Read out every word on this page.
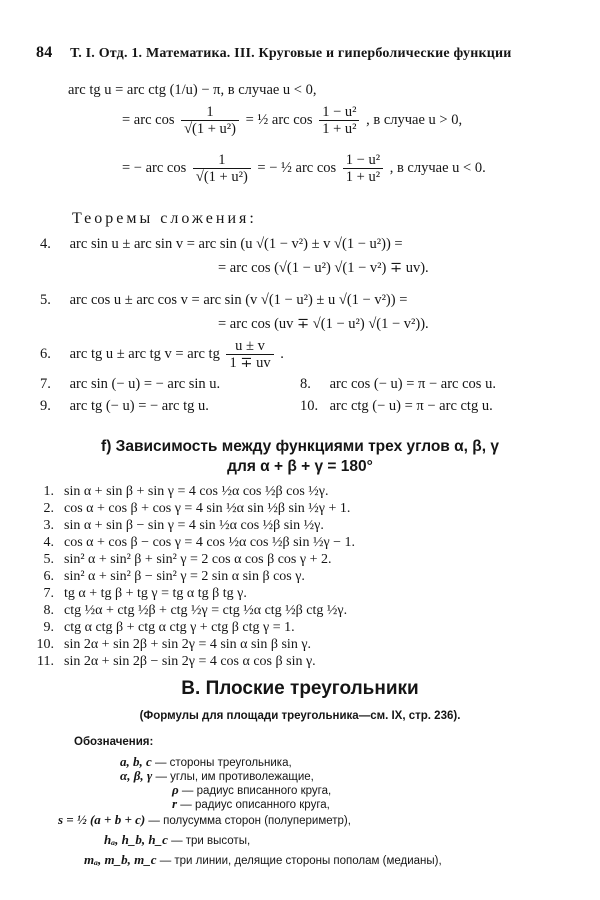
84 Т. I. Отд. 1. Математика. III. Круговые и гиперболические функции
arc tg u = arc ctg (1/u) − π, в случае u < 0,
= arc $\cos \frac{1}{\text{√(1 + u²)}}$ = ½ arc $\cos \frac{\text{1 − u²}}{\text{1 + u²}}$ , в случае u > 0,
= − arc $\cos \frac{1}{\text{√(1 + u²)}}$ = − ½ arc $\cos \frac{\text{1 − u²}}{\text{1 + u²}}$ , в случае u < 0.
Теоремы сложения:
4. arc sin u ± arc sin v = arc sin (u √(1 − v²) ± v √(1 − u²)) =
= arc cos (√(1 − u²) √(1 − v²) ∓ uv).
5. arc cos u ± arc cos v = arc sin (v √(1 − u²) ± u √(1 − v²)) =
= arc cos (uv ∓ √(1 − u²) √(1 − v²)).
6. arc tg u ± arc tg v = arc tg $\frac{u \pm v}{1 \mp uv}$ .
7. arc sin (− u) = − arc sin u.	8. arc cos (− u) = π − arc cos u.
9. arc tg (− u) = − arc tg u.	10. arc ctg (− u) = π − arc ctg u.
f) Зависимость между функциями трех углов α, β, γ
для α + β + γ = 180°
1. sin α + sin β + sin γ = 4 cos ½α cos ½β cos ½γ.
2. cos α + cos β + cos γ = 4 sin ½α sin ½β sin ½γ + 1.
3. sin α + sin β − sin γ = 4 sin ½α cos ½β sin ½γ.
4. cos α + cos β − cos γ = 4 cos ½α cos ½β sin ½γ − 1.
5. sin² α + sin² β + sin² γ = 2 cos α cos β cos γ + 2.
6. sin² α + sin² β − sin² γ = 2 sin α sin β cos γ.
7. tg α + tg β + tg γ = tg α tg β tg γ.
8. ctg ½α + ctg ½β + ctg ½γ = ctg ½α ctg ½β ctg ½γ.
9. ctg α ctg β + ctg α ctg γ + ctg β ctg γ = 1.
10. sin 2α + sin 2β + sin 2γ = 4 sin α sin β sin γ.
11. sin 2α + sin 2β − sin 2γ = 4 cos α cos β sin γ.
В. Плоские треугольники
(Формулы для площади треугольника—см. IX, стр. 236).
Обозначения:
a, b, c — стороны треугольника,
α, β, γ — углы, им противолежащие,
ρ — радиус вписанного круга,
r — радиус описанного круга,
s = ½ (a + b + c) — полусумма сторон (полупериметр),
hₐ, h_b, h_c — три высоты,
mₐ, m_b, m_c — три линии, делящие стороны пополам (медианы),
